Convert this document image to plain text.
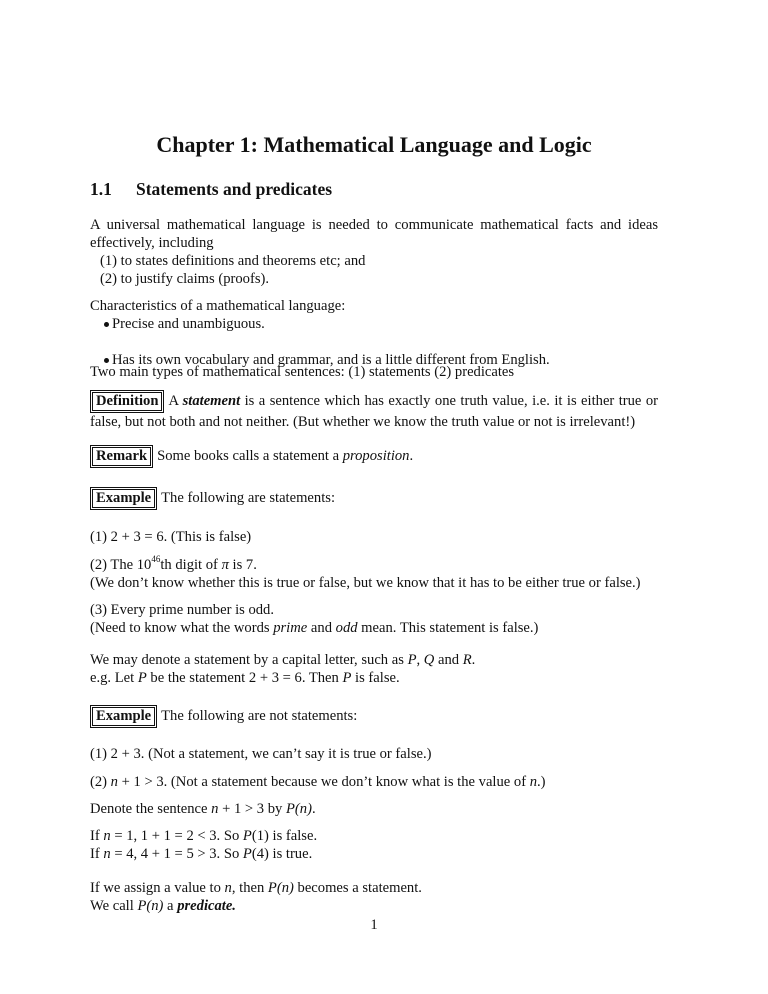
Chapter 1: Mathematical Language and Logic
1.1 Statements and predicates
A universal mathematical language is needed to communicate mathematical facts and ideas effectively, including
(1) to states definitions and theorems etc; and
(2) to justify claims (proofs).
Characteristics of a mathematical language:
Precise and unambiguous.
Has its own vocabulary and grammar, and is a little different from English.
Two main types of mathematical sentences: (1) statements (2) predicates
Definition A statement is a sentence which has exactly one truth value, i.e. it is either true or false, but not both and not neither. (But whether we know the truth value or not is irrelevant!)
Remark Some books calls a statement a proposition.
Example The following are statements:
(1) 2 + 3 = 6. (This is false)
(2) The $10^{46}th$ digit of π is 7.
(We don’t know whether this is true or false, but we know that it has to be either true or false.)
(3) Every prime number is odd.
(Need to know what the words prime and odd mean. This statement is false.)
We may denote a statement by a capital letter, such as P, Q and R.
e.g. Let P be the statement 2 + 3 = 6. Then P is false.
Example The following are not statements:
(1) 2 + 3. (Not a statement, we can’t say it is true or false.)
(2) n + 1 > 3. (Not a statement because we don’t know what is the value of n.)
Denote the sentence n + 1 > 3 by P(n).
If n = 1, 1 + 1 = 2 < 3. So P(1) is false.
If n = 4, 4 + 1 = 5 > 3. So P(4) is true.
If we assign a value to n, then P(n) becomes a statement.
We call P(n) a predicate.
1
